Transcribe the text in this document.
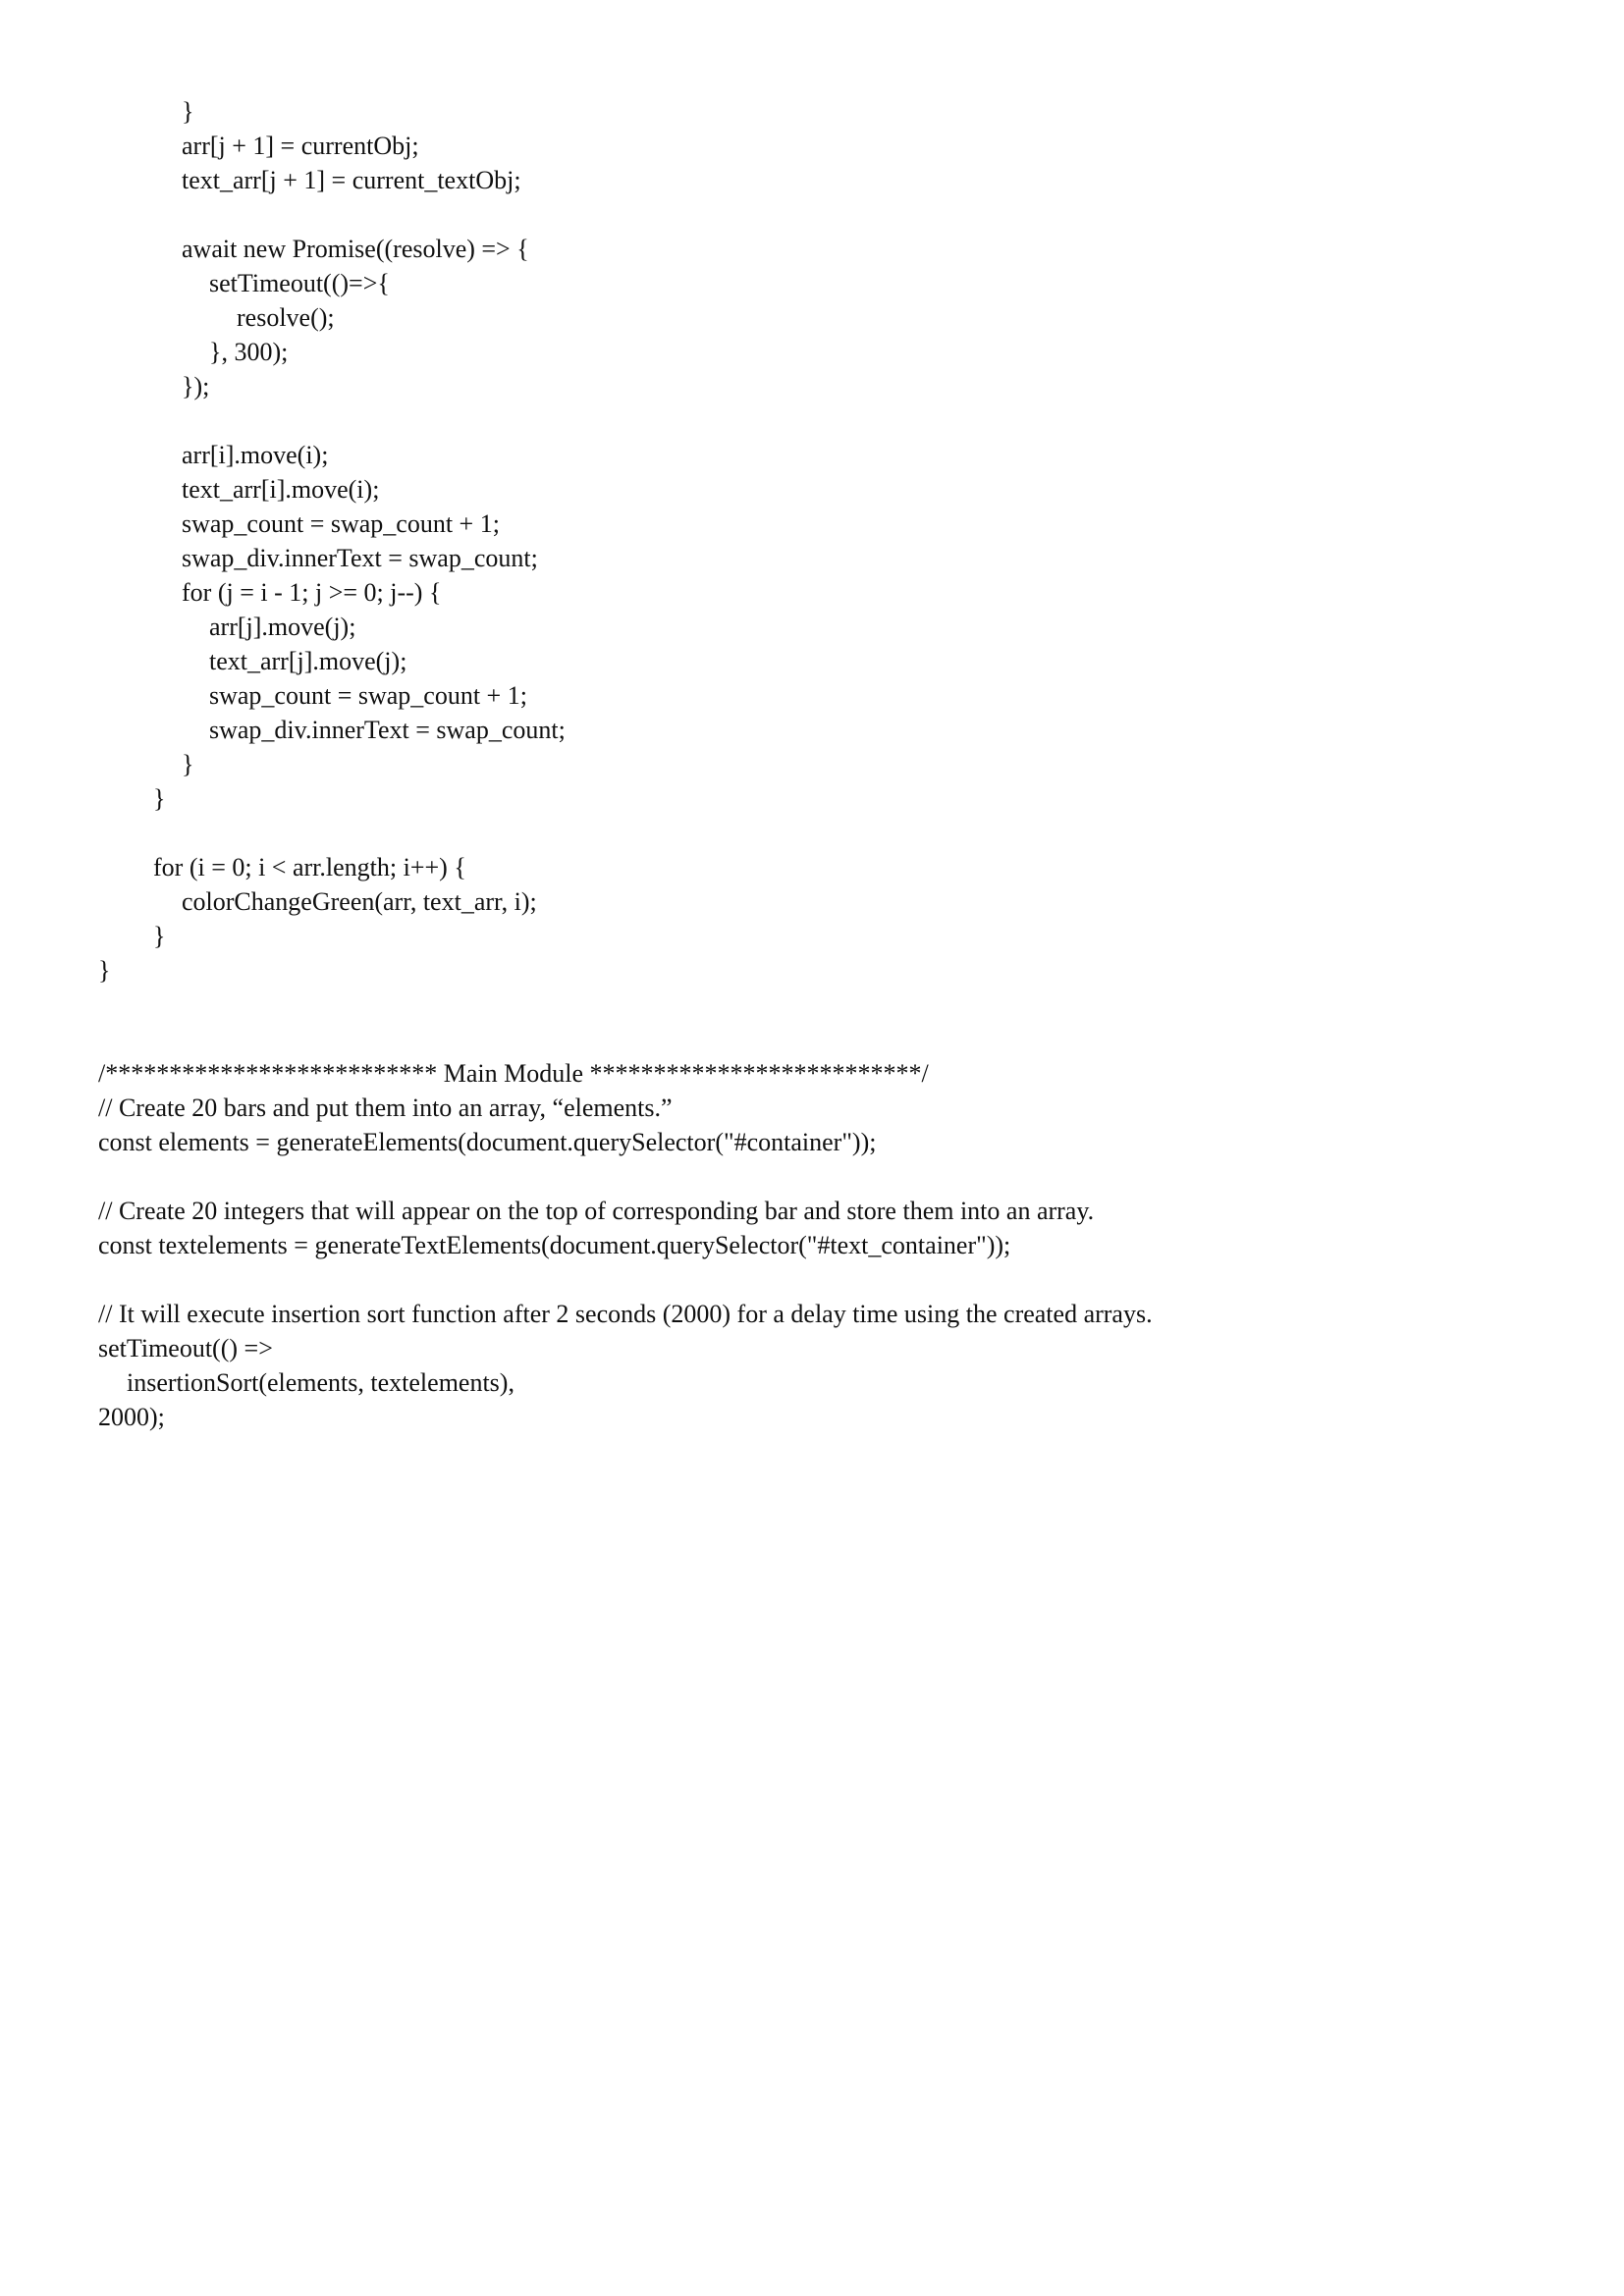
}
arr[j + 1] = currentObj;
text_arr[j + 1] = current_textObj;
await new Promise((resolve) => {
setTimeout(()=>{
resolve();
}, 300);
});
arr[i].move(i);
text_arr[i].move(i);
swap_count = swap_count + 1;
swap_div.innerText = swap_count;
for (j = i - 1; j >= 0; j--) {
arr[j].move(j);
text_arr[j].move(j);
swap_count = swap_count + 1;
swap_div.innerText = swap_count;
}
}
for (i = 0; i < arr.length; i++) {
colorChangeGreen(arr, text_arr, i);
}
}
/************************** Main Module **************************/
// Create 20 bars and put them into an array, “elements.”
const elements = generateElements(document.querySelector("#container"));
// Create 20 integers that will appear on the top of corresponding bar and store them into an array.
const textelements = generateTextElements(document.querySelector("#text_container"));
// It will execute insertion sort function after 2 seconds (2000) for a delay time using the created arrays.
setTimeout(() =>
insertionSort(elements, textelements),
2000);
